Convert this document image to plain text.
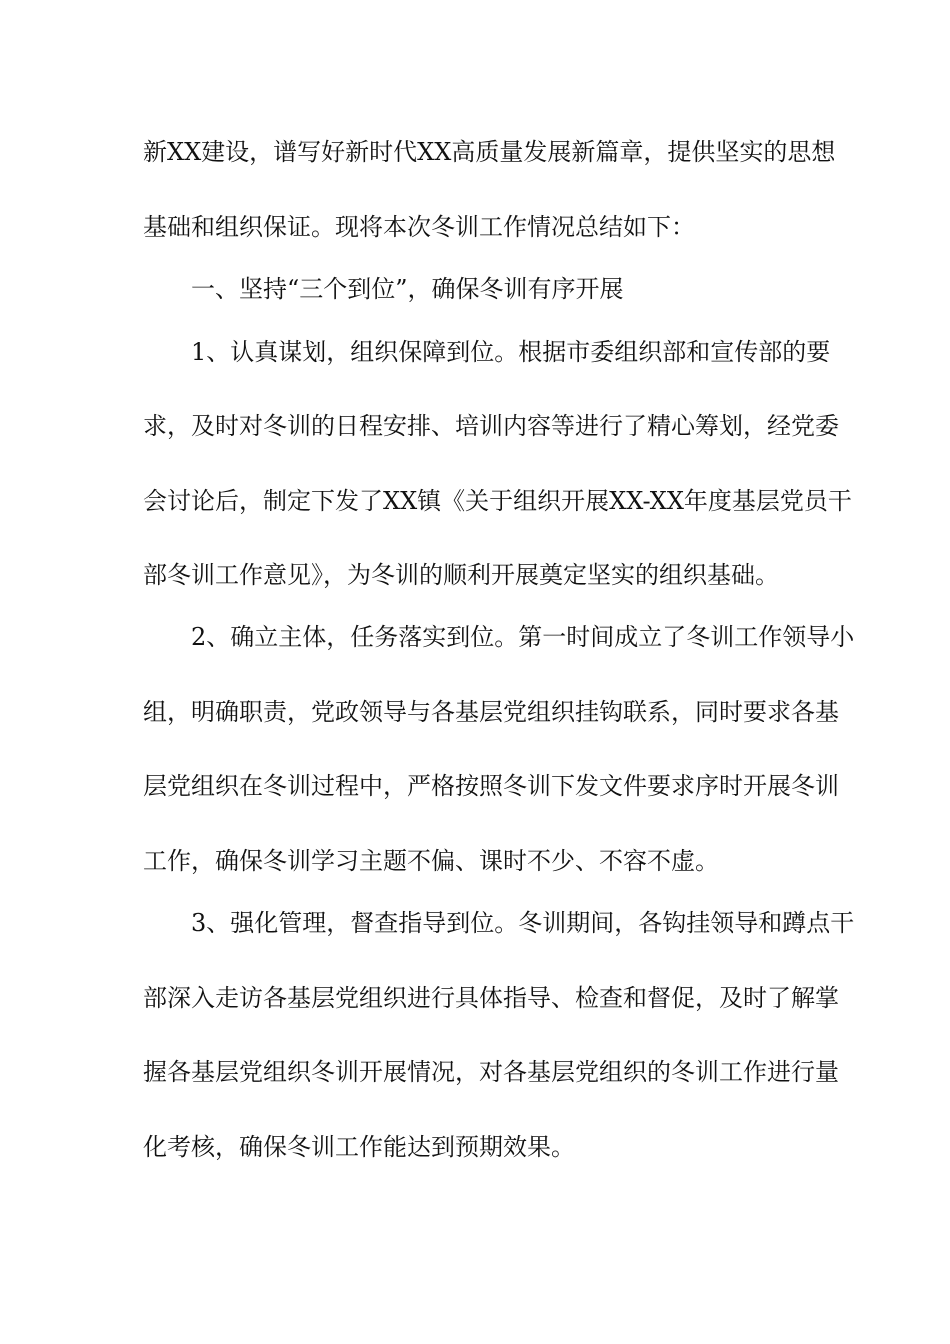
新XX建设，谱写好新时代XX高质量发展新篇章，提供坚实的思想
基础和组织保证。现将本次冬训工作情况总结如下：
一、坚持“三个到位”，确保冬训有序开展
1、认真谋划，组织保障到位。根据市委组织部和宣传部的要
求，及时对冬训的日程安排、培训内容等进行了精心筹划，经党委
会讨论后，制定下发了XX镇《关于组织开展XX-XX年度基层党员干
部冬训工作意见》，为冬训的顺利开展奠定坚实的组织基础。
2、确立主体，任务落实到位。第一时间成立了冬训工作领导小
组，明确职责，党政领导与各基层党组织挂钩联系，同时要求各基
层党组织在冬训过程中，严格按照冬训下发文件要求序时开展冬训
工作，确保冬训学习主题不偏、课时不少、不容不虚。
3、强化管理，督查指导到位。冬训期间，各钩挂领导和蹲点干
部深入走访各基层党组织进行具体指导、检查和督促，及时了解掌
握各基层党组织冬训开展情况，对各基层党组织的冬训工作进行量
化考核，确保冬训工作能达到预期效果。
